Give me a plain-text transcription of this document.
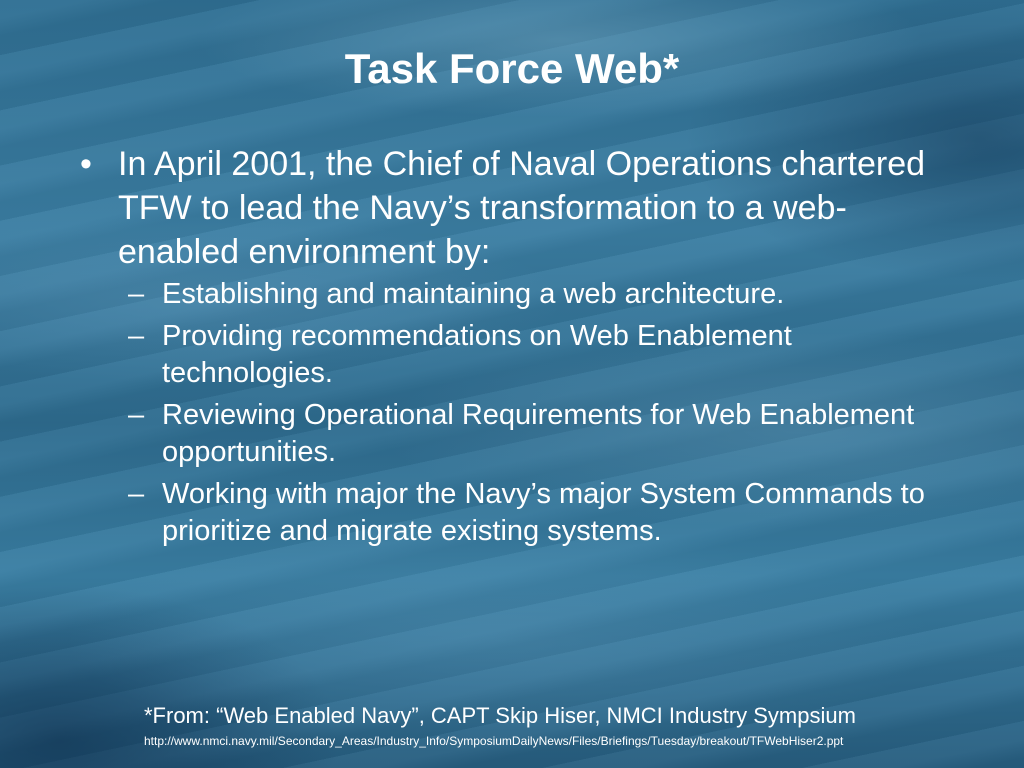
Task Force Web*
• In April 2001, the Chief of Naval Operations chartered TFW to lead the Navy’s transformation to a web-enabled environment by:
– Establishing and maintaining a web architecture.
– Providing recommendations on Web Enablement technologies.
– Reviewing Operational Requirements for Web Enablement opportunities.
– Working with major the Navy’s major System Commands to prioritize and migrate existing systems.
*From: “Web Enabled Navy”, CAPT Skip Hiser, NMCI Industry Sympsium
http://www.nmci.navy.mil/Secondary_Areas/Industry_Info/SymposiumDailyNews/Files/Briefings/Tuesday/breakout/TFWebHiser2.ppt
